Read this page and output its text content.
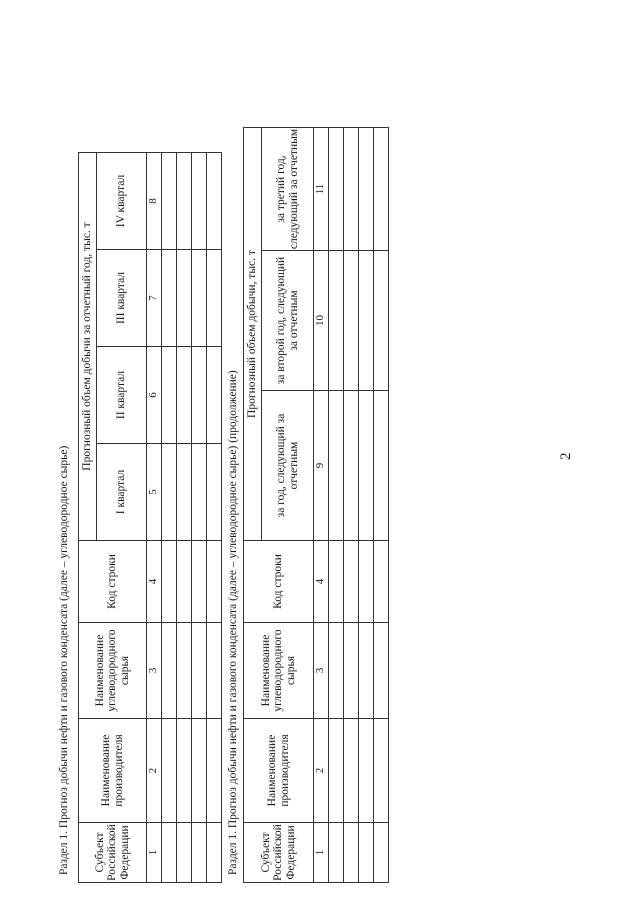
2
Раздел 1. Прогноз добычи нефти и газового конденсата (далее – углеводородное сырье) Субъект Российской Федерации	Наименование производителя	Наименование углеводородного сырья	Код строки	Прогнозный объем добычи за отчетный год, тыс. т			
				I квартал	II квартал	III квартал	IV квартал
1	2	3	4	5	6	7	8

Раздел 1. Прогноз добычи нефти и газового конденсата (далее – углеводородное сырье) (продолжение) Субъект Российской Федерации	Наименование производителя	Наименование углеводородного сырья	Код строки	Прогнозный объем добычи, тыс. т		
				за год, следующий за отчетным	за второй год, следующий за отчетным	за третий год, следующий за отчетным
1	2	3	4	9	10	11
